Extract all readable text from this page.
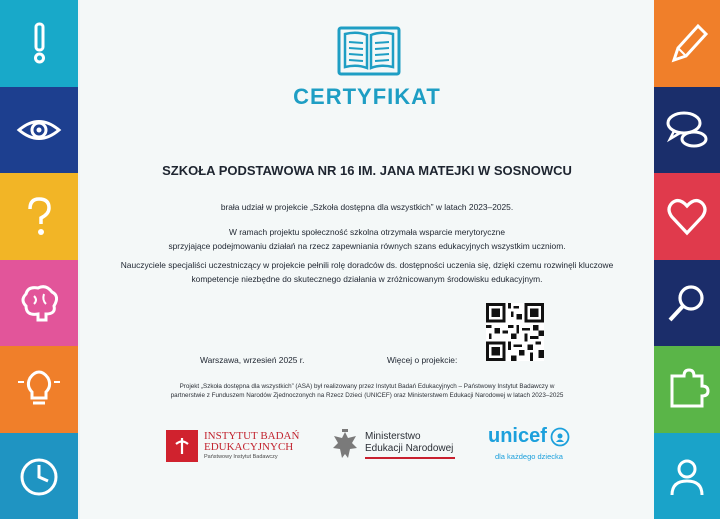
CERTYFIKAT
SZKOŁA PODSTAWOWA NR 16 IM. JANA MATEJKI W SOSNOWCU
brała udział w projekcie „Szkoła dostępna dla wszystkich” w latach 2023–2025.
W ramach projektu społeczność szkolna otrzymała wsparcie merytoryczne
sprzyjające podejmowaniu działań na rzecz zapewniania równych szans edukacyjnych wszystkim uczniom.
Nauczyciele specjaliści uczestniczący w projekcie pełnili rolę doradców ds. dostępności uczenia się, dzięki czemu rozwinęli kluczowe
kompetencje niezbędne do skutecznego działania w zróżnicowanym środowisku edukacyjnym.
Warszawa, wrzesień 2025 r.	Więcej o projekcie:
Projekt „Szkoła dostępna dla wszystkich” (ASA) był realizowany przez Instytut Badań Edukacyjnych – Państwowy Instytut Badawczy w
partnerstwie z Funduszem Narodów Zjednoczonych na Rzecz Dzieci (UNICEF) oraz Ministerstwem Edukacji Narodowej w latach 2023–2025
INSTYTUT BADAŃ
EDUKACYJNYCH
Państwowy Instytut Badawczy
Ministerstwo
Edukacji Narodowej
unicef
dla każdego dziecka
